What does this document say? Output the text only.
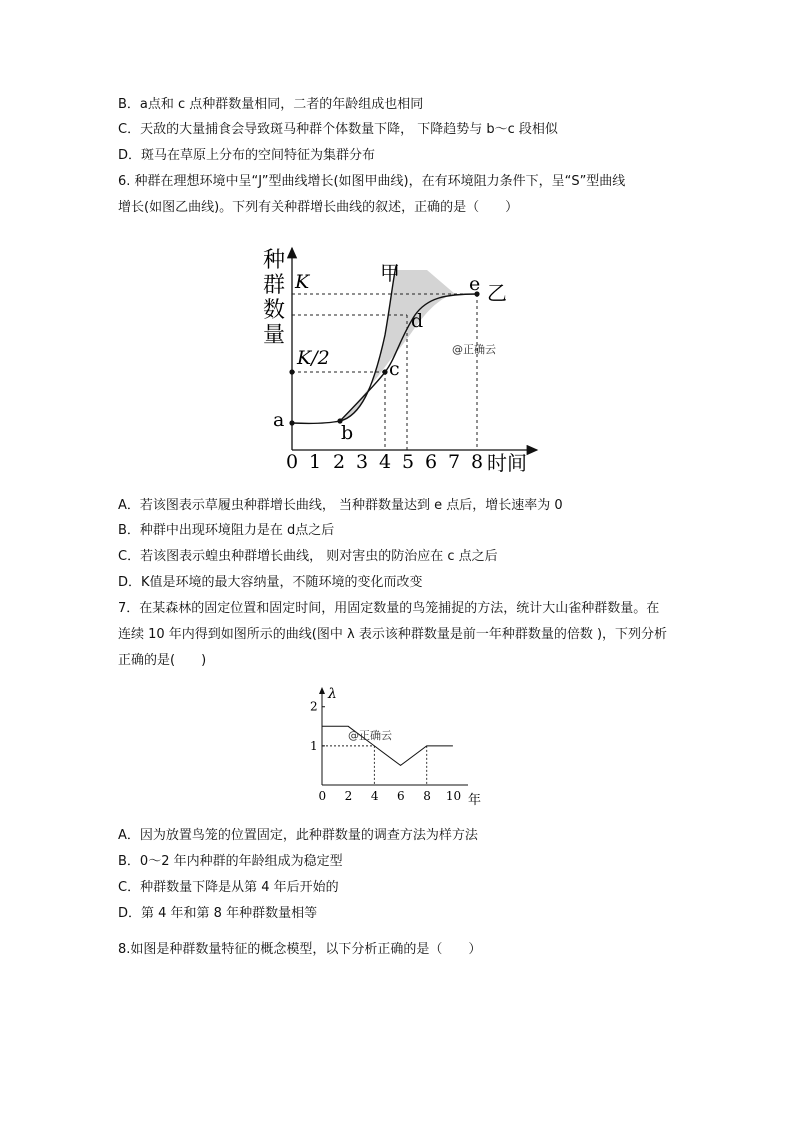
B．a点和 c 点种群数量相同，二者的年龄组成也相同
C．天敌的大量捕食会导致斑马种群个体数量下降， 下降趋势与 b～c 段相似
D．斑马在草原上分布的空间特征为集群分布
6. 种群在理想环境中呈“J”型曲线增长(如图甲曲线)，在有环境阻力条件下，呈“S”型曲线
增长(如图乙曲线)。下列有关种群增长曲线的叙述，正确的是（　　）
种
群
数
量
K
K/2
甲
乙
a
b
c
d
e
0 1 2 3 4 5 6 7 8 时间
@正确云
A．若该图表示草履虫种群增长曲线， 当种群数量达到 e 点后，增长速率为 0
B．种群中出现环境阻力是在 d点之后
C．若该图表示蝗虫种群增长曲线， 则对害虫的防治应在 c 点之后
D．K值是环境的最大容纳量，不随环境的变化而改变
7．在某森林的固定位置和固定时间，用固定数量的鸟笼捕捉的方法，统计大山雀种群数量。在
连续 10 年内得到如图所示的曲线(图中 λ 表示该种群数量是前一年种群数量的倍数 )，下列分析
正确的是(　　)
0 2 4 6 8 10
1
2
λ
年
@正确云
A．因为放置鸟笼的位置固定，此种群数量的调查方法为样方法
B．0～2 年内种群的年龄组成为稳定型
C．种群数量下降是从第 4 年后开始的
D．第 4 年和第 8 年种群数量相等
8.如图是种群数量特征的概念模型，以下分析正确的是（　　）
